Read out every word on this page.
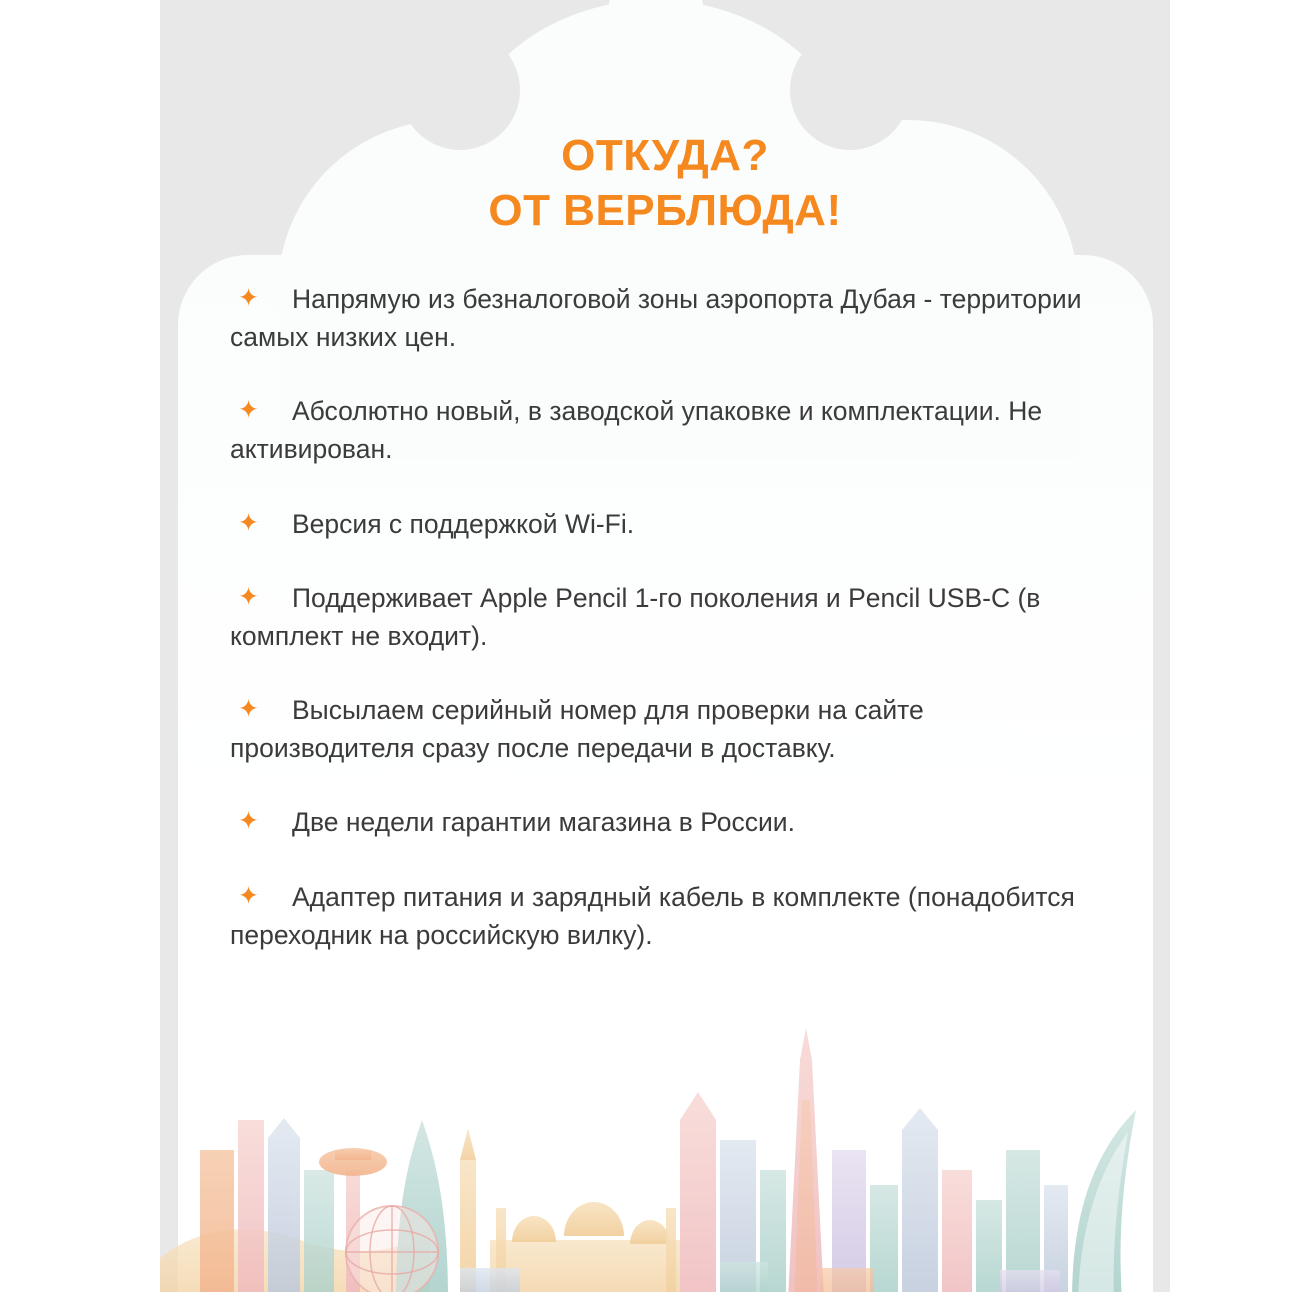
ОТКУДА?
ОТ ВЕРБЛЮДА!
✦ Напрямую из безналоговой зоны аэропорта Дубая - территории самых низких цен.
✦ Абсолютно новый, в заводской упаковке и комплектации. Не активирован.
✦ Версия с поддержкой Wi-Fi.
✦ Поддерживает Apple Pencil 1-го поколения и Pencil USB-C (в комплект не входит).
✦ Высылаем серийный номер для проверки на сайте производителя сразу после передачи в доставку.
✦ Две недели гарантии магазина в России.
✦ Адаптер питания и зарядный кабель в комплекте (понадобится переходник на российскую вилку).
